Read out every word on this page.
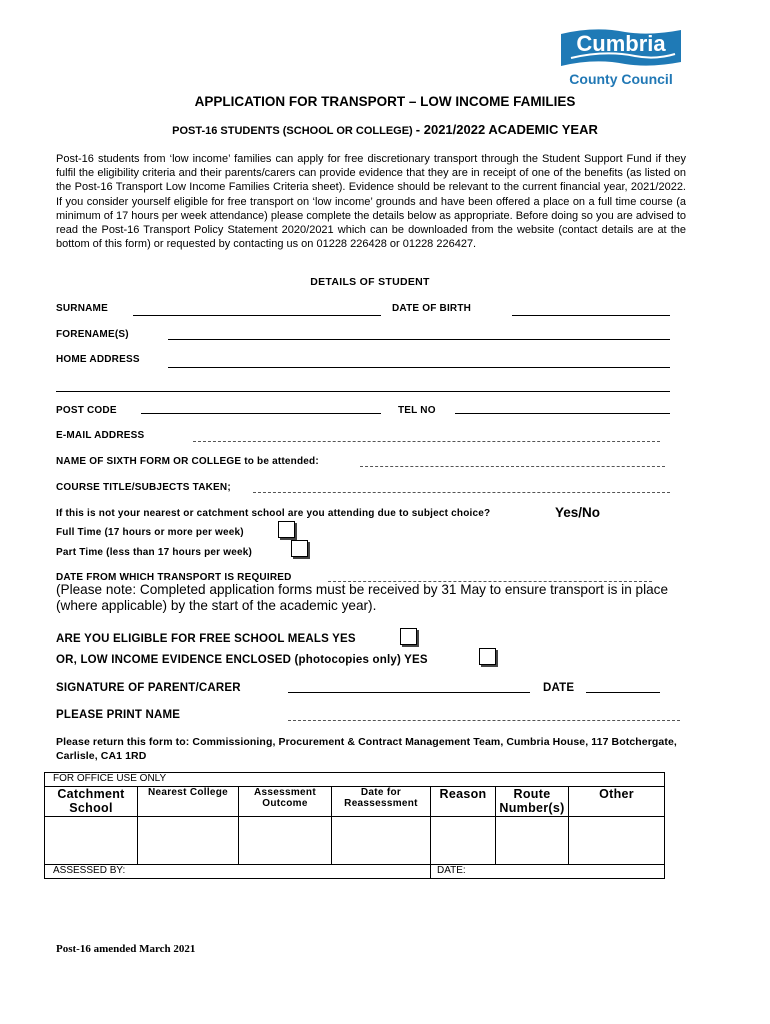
Cumbria
County Council
APPLICATION FOR TRANSPORT – LOW INCOME FAMILIES
POST-16 STUDENTS (SCHOOL OR COLLEGE) - 2021/2022 ACADEMIC YEAR
Post-16 students from ‘low income’ families can apply for free discretionary transport through the Student Support Fund if they fulfil the eligibility criteria and their parents/carers can provide evidence that they are in receipt of one of the benefits (as listed on the Post-16 Transport Low Income Families Criteria sheet). Evidence should be relevant to the current financial year, 2021/2022. If you consider yourself eligible for free transport on ‘low income’ grounds and have been offered a place on a full time course (a minimum of 17 hours per week attendance) please complete the details below as appropriate. Before doing so you are advised to read the Post-16 Transport Policy Statement 2020/2021 which can be downloaded from the website (contact details are at the bottom of this form) or requested by contacting us on 01228 226428 or 01228 226427.
DETAILS OF STUDENT
SURNAME	DATE OF BIRTH
FORENAME(S)
HOME ADDRESS
POST CODE	TEL NO
E-MAIL ADDRESS
NAME OF SIXTH FORM OR COLLEGE to be attended:
COURSE TITLE/SUBJECTS TAKEN;
If this is not your nearest or catchment school are you attending due to subject choice?	Yes/No
Full Time (17 hours or more per week)
Part Time (less than 17 hours per week)
DATE FROM WHICH TRANSPORT IS REQUIRED
(Please note: Completed application forms must be received by 31 May to ensure transport is in place (where applicable) by the start of the academic year).
ARE YOU ELIGIBLE FOR FREE SCHOOL MEALS YES
OR, LOW INCOME EVIDENCE ENCLOSED (photocopies only) YES
SIGNATURE OF PARENT/CARER	DATE
PLEASE PRINT NAME
Please return this form to: Commissioning, Procurement & Contract Management Team, Cumbria House, 117 Botchergate, Carlisle, CA1 1RD
FOR OFFICE USE ONLY						
Catchment School	Nearest College	Assessment Outcome	Date for Reassessment	Reason	Route Number(s)	Other

ASSESSED BY:				DATE:		
Post-16 amended March 2021
